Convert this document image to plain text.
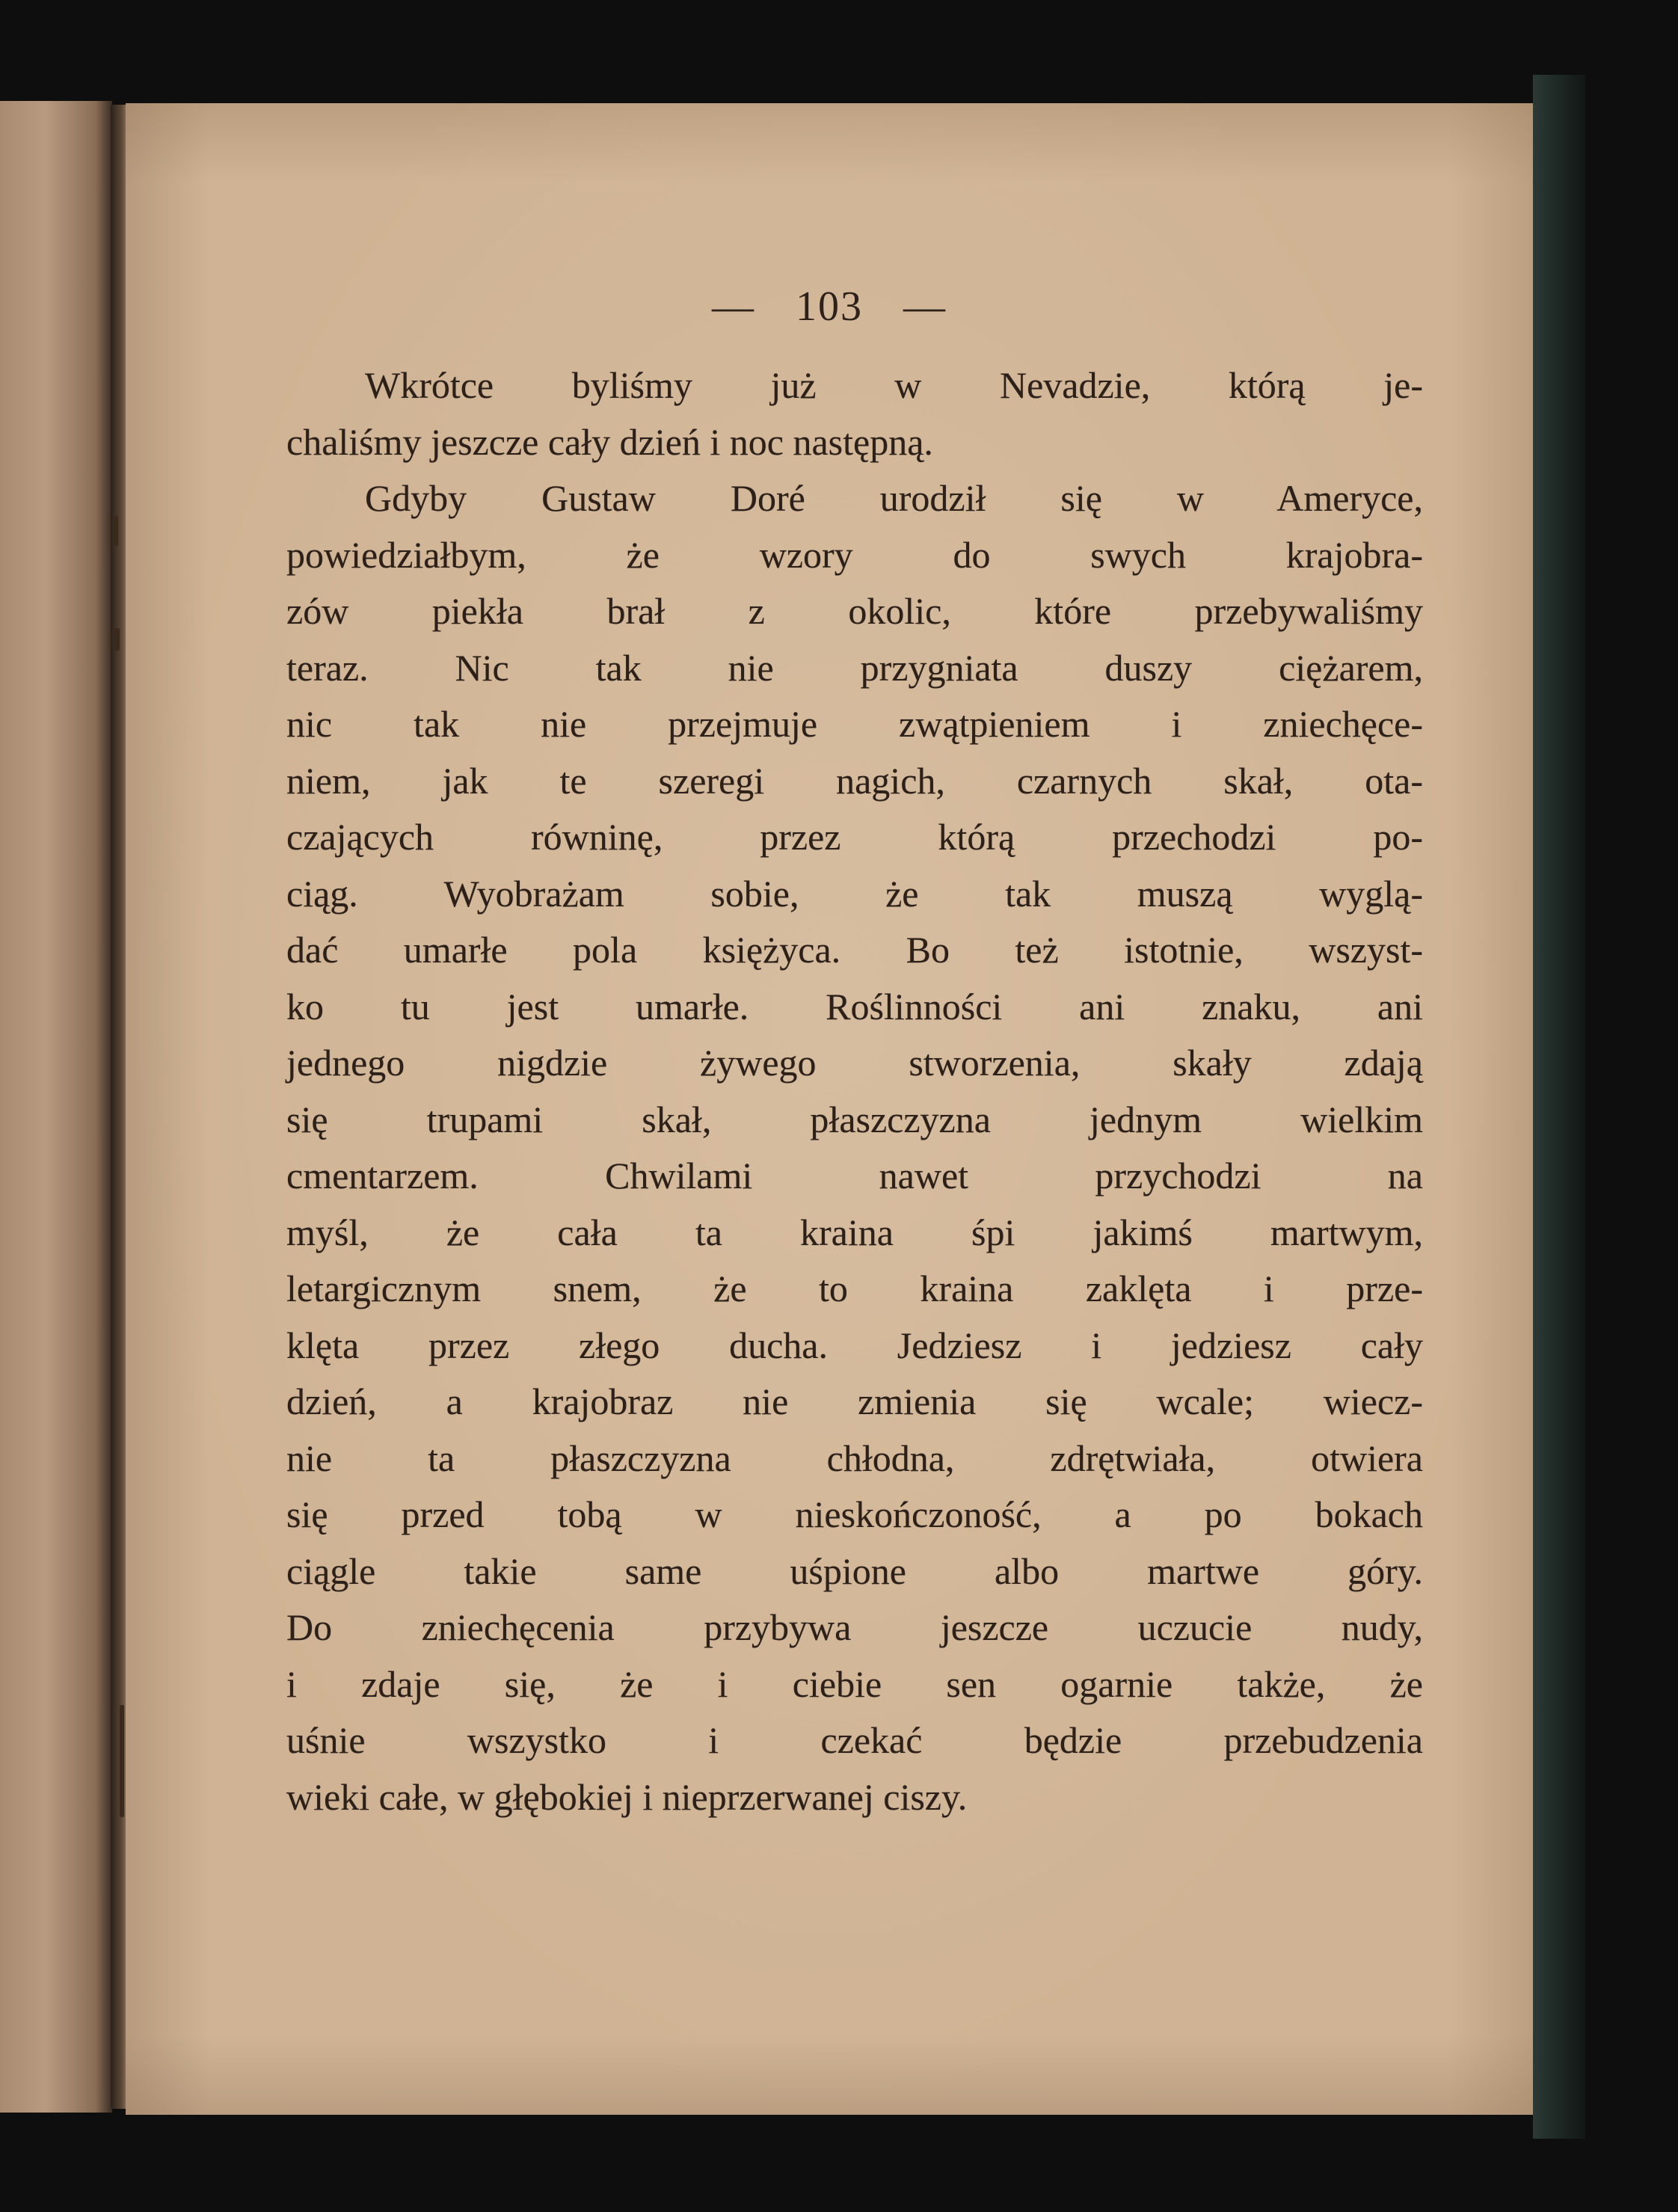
— 103 —
Wkrótce byliśmy już w Nevadzie, którą je-
chaliśmy jeszcze cały dzień i noc następną.
Gdyby Gustaw Doré urodził się w Ameryce,
powiedziałbym, że wzory do swych krajobra-
zów piekła brał z okolic, które przebywaliśmy
teraz. Nic tak nie przygniata duszy ciężarem,
nic tak nie przejmuje zwątpieniem i zniechęce-
niem, jak te szeregi nagich, czarnych skał, ota-
czających równinę, przez którą przechodzi po-
ciąg. Wyobrażam sobie, że tak muszą wyglą-
dać umarłe pola księżyca. Bo też istotnie, wszyst-
ko tu jest umarłe. Roślinności ani znaku, ani
jednego nigdzie żywego stworzenia, skały zdają
się trupami skał, płaszczyzna jednym wielkim
cmentarzem. Chwilami nawet przychodzi na
myśl, że cała ta kraina śpi jakimś martwym,
letargicznym snem, że to kraina zaklęta i prze-
klęta przez złego ducha. Jedziesz i jedziesz cały
dzień, a krajobraz nie zmienia się wcale; wiecz-
nie ta płaszczyzna chłodna, zdrętwiała, otwiera
się przed tobą w nieskończoność, a po bokach
ciągle takie same uśpione albo martwe góry.
Do zniechęcenia przybywa jeszcze uczucie nudy,
i zdaje się, że i ciebie sen ogarnie także, że
uśnie wszystko i czekać będzie przebudzenia
wieki całe, w głębokiej i nieprzerwanej ciszy.
